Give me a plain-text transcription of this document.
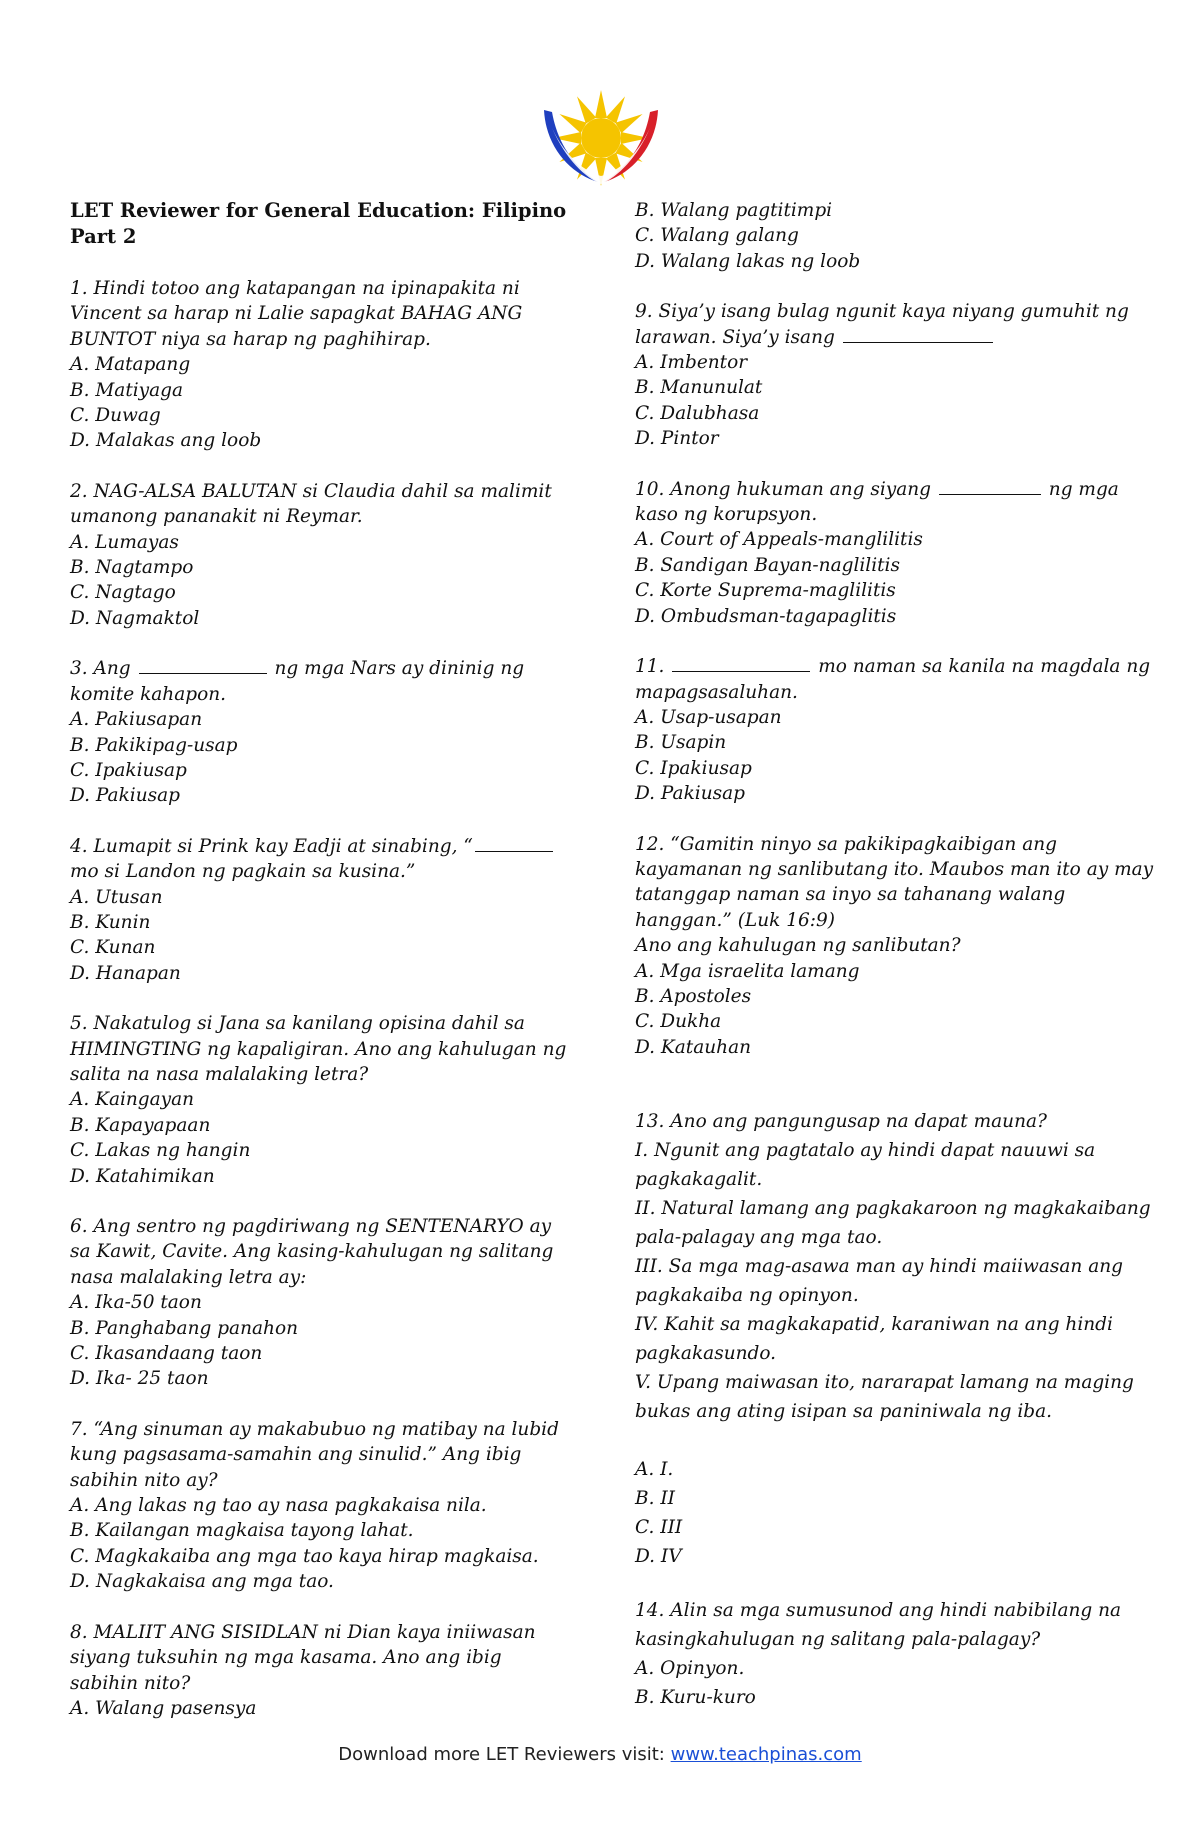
LET Reviewer for General Education: Filipino Part 2
1. Hindi totoo ang katapangan na ipinapakita ni Vincent sa harap ni Lalie sapagkat BAHAG ANG BUNTOT niya sa harap ng paghihirap.
A. Matapang
B. Matiyaga
C. Duwag
D. Malakas ang loob
2. NAG-ALSA BALUTAN si Claudia dahil sa malimit umanong pananakit ni Reymar.
A. Lumayas
B. Nagtampo
C. Nagtago
D. Nagmaktol
3. Ang	ng mga Nars ay dininig ng komite kahapon.
A. Pakiusapan
B. Pakikipag-usap
C. Ipakiusap
D. Pakiusap
4. Lumapit si Prink kay Eadji at sinabing, “ mo si Landon ng pagkain sa kusina.”
A. Utusan
B. Kunin
C. Kunan
D. Hanapan
5. Nakatulog si Jana sa kanilang opisina dahil sa HIMINGTING ng kapaligiran. Ano ang kahulugan ng salita na nasa malalaking letra?
A. Kaingayan
B. Kapayapaan
C. Lakas ng hangin
D. Katahimikan
6. Ang sentro ng pagdiriwang ng SENTENARYO ay sa Kawit, Cavite. Ang kasing-kahulugan ng salitang nasa malalaking letra ay:
A. Ika-50 taon
B. Panghabang panahon
C. Ikasandaang taon
D. Ika- 25 taon
7. “Ang sinuman ay makabubuo ng matibay na lubid kung pagsasama-samahin ang sinulid.” Ang ibig sabihin nito ay?
A. Ang lakas ng tao ay nasa pagkakaisa nila.
B. Kailangan magkaisa tayong lahat.
C. Magkakaiba ang mga tao kaya hirap magkaisa.
D. Nagkakaisa ang mga tao.
8. MALIIT ANG SISIDLAN ni Dian kaya iniiwasan siyang tuksuhin ng mga kasama. Ano ang ibig sabihin nito?
A. Walang pasensya
B. Walang pagtitimpi
C. Walang galang
D. Walang lakas ng loob
9. Siya’y isang bulag ngunit kaya niyang gumuhit ng larawan. Siya’y isang
A. Imbentor
B. Manunulat
C. Dalubhasa
D. Pintor
10. Anong hukuman ang siyang	ng mga kaso ng korupsyon.
A. Court of Appeals-manglilitis
B. Sandigan Bayan-naglilitis
C. Korte Suprema-maglilitis
D. Ombudsman-tagapaglitis
11.	mo naman sa kanila na magdala ng mapagsasaluhan.
A. Usap-usapan
B. Usapin
C. Ipakiusap
D. Pakiusap
12. “Gamitin ninyo sa pakikipagkaibigan ang kayamanan ng sanlibutang ito. Maubos man ito ay may tatanggap naman sa inyo sa tahanang walang hanggan.” (Luk 16:9)
Ano ang kahulugan ng sanlibutan?
A. Mga israelita lamang
B. Apostoles
C. Dukha
D. Katauhan
13. Ano ang pangungusap na dapat mauna?
I. Ngunit ang pagtatalo ay hindi dapat nauuwi sa pagkakagalit.
II. Natural lamang ang pagkakaroon ng magkakaibang pala-palagay ang mga tao.
III. Sa mga mag-asawa man ay hindi maiiwasan ang pagkakaiba ng opinyon.
IV. Kahit sa magkakapatid, karaniwan na ang hindi pagkakasundo.
V. Upang maiwasan ito, nararapat lamang na maging bukas ang ating isipan sa paniniwala ng iba.
A. I.
B. II
C. III
D. IV
14. Alin sa mga sumusunod ang hindi nabibilang na kasingkahulugan ng salitang pala-palagay?
A. Opinyon.
B. Kuru-kuro
Download more LET Reviewers visit: www.teachpinas.com
